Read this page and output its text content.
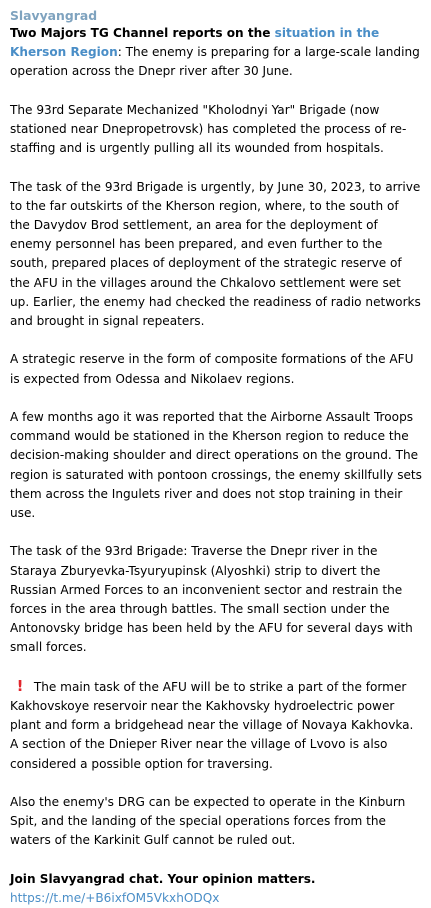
Slavyangrad

Two Majors TG Channel reports on the situation in the Kherson Region: The enemy is preparing for a large-scale landing operation across the Dnepr river after 30 June.

The 93rd Separate Mechanized "Kholodnyi Yar" Brigade (now stationed near Dnepropetrovsk) has completed the process of re-staffing and is urgently pulling all its wounded from hospitals.

The task of the 93rd Brigade is urgently, by June 30, 2023, to arrive to the far outskirts of the Kherson region, where, to the south of the Davydov Brod settlement, an area for the deployment of enemy personnel has been prepared, and even further to the south, prepared places of deployment of the strategic reserve of the AFU in the villages around the Chkalovo settlement were set up. Earlier, the enemy had checked the readiness of radio networks and brought in signal repeaters.

A strategic reserve in the form of composite formations of the AFU is expected from Odessa and Nikolaev regions.

A few months ago it was reported that the Airborne Assault Troops command would be stationed in the Kherson region to reduce the decision-making shoulder and direct operations on the ground. The region is saturated with pontoon crossings, the enemy skillfully sets them across the Ingulets river and does not stop training in their use.

The task of the 93rd Brigade: Traverse the Dnepr river in the Staraya Zburyevka-Tsyuryupinsk (Alyoshki) strip to divert the Russian Armed Forces to an inconvenient sector and restrain the forces in the area through battles. The small section under the Antonovsky bridge has been held by the AFU for several days with small forces.

! The main task of the AFU will be to strike a part of the former Kakhovskoye reservoir near the Kakhovsky hydroelectric power plant and form a bridgehead near the village of Novaya Kakhovka. A section of the Dnieper River near the village of Lvovo is also considered a possible option for traversing.

Also the enemy's DRG can be expected to operate in the Kinburn Spit, and the landing of the special operations forces from the waters of the Karkinit Gulf cannot be ruled out.

Join Slavyangrad chat. Your opinion matters.
https://t.me/+B6ixfOM5VkxhODQx
